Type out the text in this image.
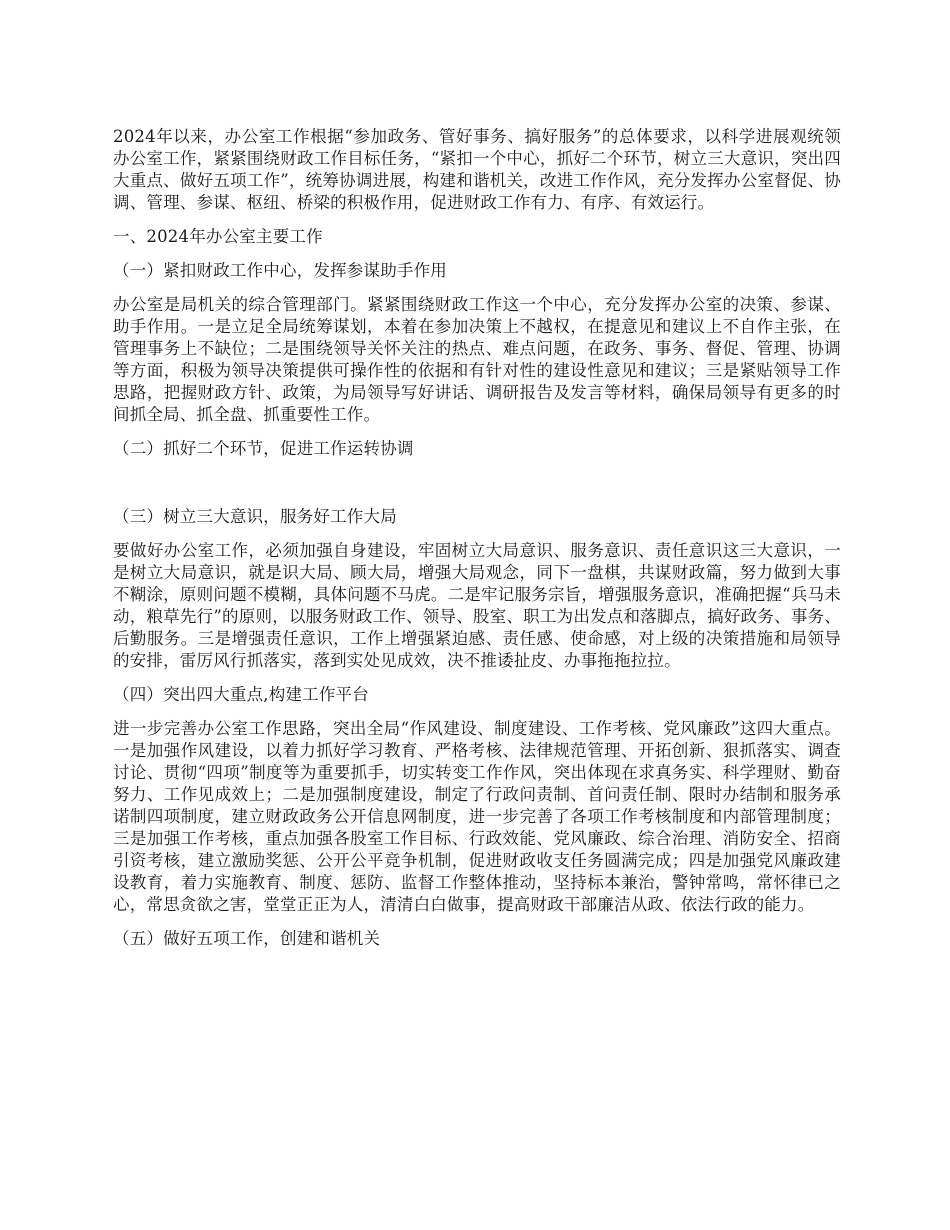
2024年以来，办公室工作根据“参加政务、管好事务、搞好服务”的总体要求，以科学进展观统领办公室工作，紧紧围绕财政工作目标任务，“紧扣一个中心，抓好二个环节，树立三大意识，突出四大重点、做好五项工作”，统筹协调进展，构建和谐机关，改进工作作风，充分发挥办公室督促、协调、管理、参谋、枢纽、桥梁的积极作用，促进财政工作有力、有序、有效运行。

一、2024年办公室主要工作

（一）紧扣财政工作中心，发挥参谋助手作用

办公室是局机关的综合管理部门。紧紧围绕财政工作这一个中心，充分发挥办公室的决策、参谋、助手作用。一是立足全局统筹谋划，本着在参加决策上不越权，在提意见和建议上不自作主张，在管理事务上不缺位；二是围绕领导关怀关注的热点、难点问题，在政务、事务、督促、管理、协调等方面，积极为领导决策提供可操作性的依据和有针对性的建设性意见和建议；三是紧贴领导工作思路，把握财政方针、政策，为局领导写好讲话、调研报告及发言等材料，确保局领导有更多的时间抓全局、抓全盘、抓重要性工作。

（二）抓好二个环节，促进工作运转协调

（三）树立三大意识，服务好工作大局

要做好办公室工作，必须加强自身建设，牢固树立大局意识、服务意识、责任意识这三大意识，一是树立大局意识，就是识大局、顾大局，增强大局观念，同下一盘棋，共谋财政篇，努力做到大事不糊涂，原则问题不模糊，具体问题不马虎。二是牢记服务宗旨，增强服务意识，准确把握“兵马未动，粮草先行”的原则，以服务财政工作、领导、股室、职工为出发点和落脚点，搞好政务、事务、后勤服务。三是增强责任意识，工作上增强紧迫感、责任感、使命感，对上级的决策措施和局领导的安排，雷厉风行抓落实，落到实处见成效，决不推诿扯皮、办事拖拖拉拉。

（四）突出四大重点,构建工作平台

进一步完善办公室工作思路，突出全局“作风建设、制度建设、工作考核、党风廉政”这四大重点。一是加强作风建设，以着力抓好学习教育、严格考核、法律规范管理、开拓创新、狠抓落实、调查讨论、贯彻“四项”制度等为重要抓手，切实转变工作作风，突出体现在求真务实、科学理财、勤奋努力、工作见成效上；二是加强制度建设，制定了行政问责制、首问责任制、限时办结制和服务承诺制四项制度，建立财政政务公开信息网制度，进一步完善了各项工作考核制度和内部管理制度；三是加强工作考核，重点加强各股室工作目标、行政效能、党风廉政、综合治理、消防安全、招商引资考核，建立激励奖惩、公开公平竞争机制，促进财政收支任务圆满完成；四是加强党风廉政建设教育，着力实施教育、制度、惩防、监督工作整体推动，坚持标本兼治，警钟常鸣，常怀律已之心，常思贪欲之害，堂堂正正为人，清清白白做事，提高财政干部廉洁从政、依法行政的能力。

（五）做好五项工作，创建和谐机关
